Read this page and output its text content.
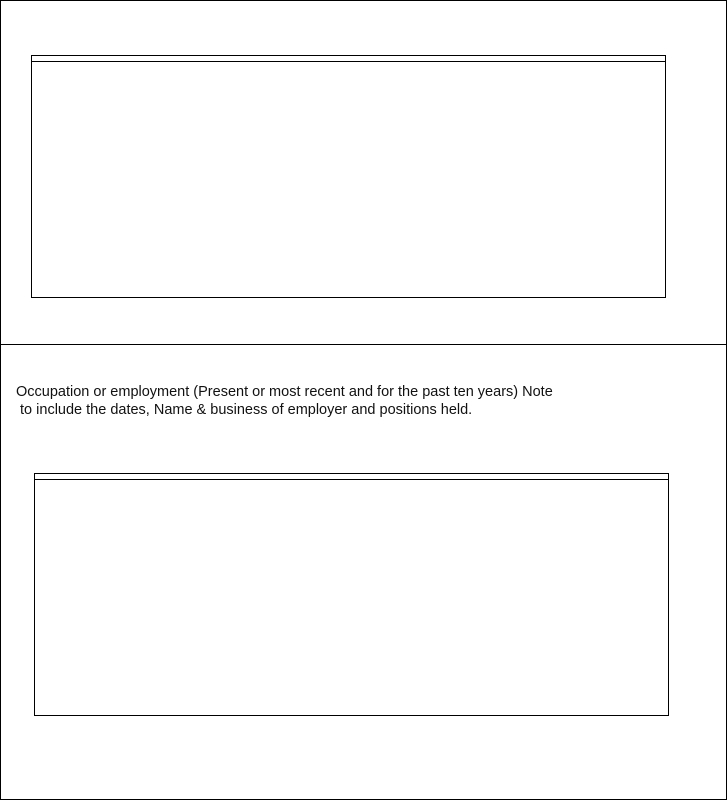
Occupation or employment (Present or most recent and for the past ten years) Note
to include the dates, Name & business of employer and positions held.
